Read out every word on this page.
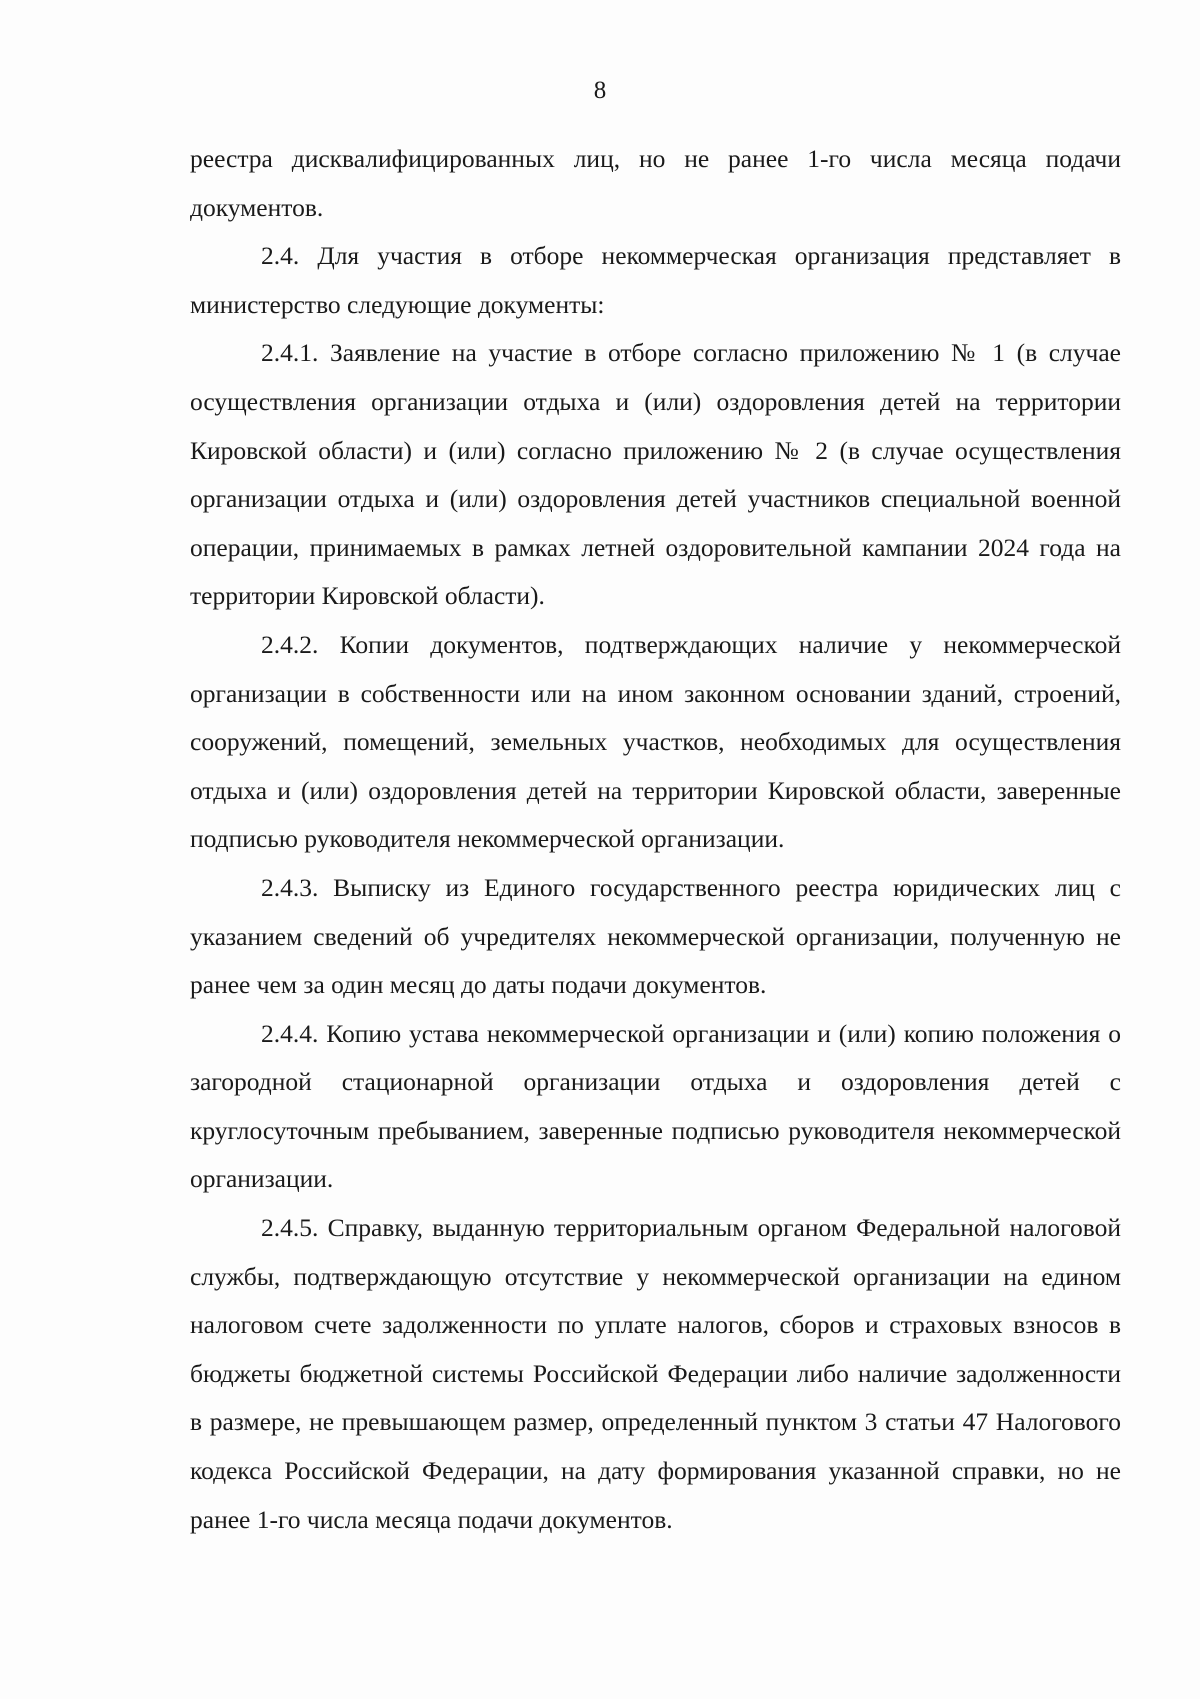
8

реестра дисквалифицированных лиц, но не ранее 1-го числа месяца подачи документов.

2.4. Для участия в отборе некоммерческая организация представляет в министерство следующие документы:

2.4.1. Заявление на участие в отборе согласно приложению № 1 (в случае осуществления организации отдыха и (или) оздоровления детей на территории Кировской области) и (или) согласно приложению № 2 (в случае осуществления организации отдыха и (или) оздоровления детей участников специальной военной операции, принимаемых в рамках летней оздоровительной кампании 2024 года на территории Кировской области).

2.4.2. Копии документов, подтверждающих наличие у некоммерческой организации в собственности или на ином законном основании зданий, строений, сооружений, помещений, земельных участков, необходимых для осуществления отдыха и (или) оздоровления детей на территории Кировской области, заверенные подписью руководителя некоммерческой организации.

2.4.3. Выписку из Единого государственного реестра юридических лиц с указанием сведений об учредителях некоммерческой организации, полученную не ранее чем за один месяц до даты подачи документов.

2.4.4. Копию устава некоммерческой организации и (или) копию положения о загородной стационарной организации отдыха и оздоровления детей с круглосуточным пребыванием, заверенные подписью руководителя некоммерческой организации.

2.4.5. Справку, выданную территориальным органом Федеральной налоговой службы, подтверждающую отсутствие у некоммерческой организации на едином налоговом счете задолженности по уплате налогов, сборов и страховых взносов в бюджеты бюджетной системы Российской Федерации либо наличие задолженности в размере, не превышающем размер, определенный пунктом 3 статьи 47 Налогового кодекса Российской Федерации, на дату формирования указанной справки, но не ранее 1-го числа месяца подачи документов.
